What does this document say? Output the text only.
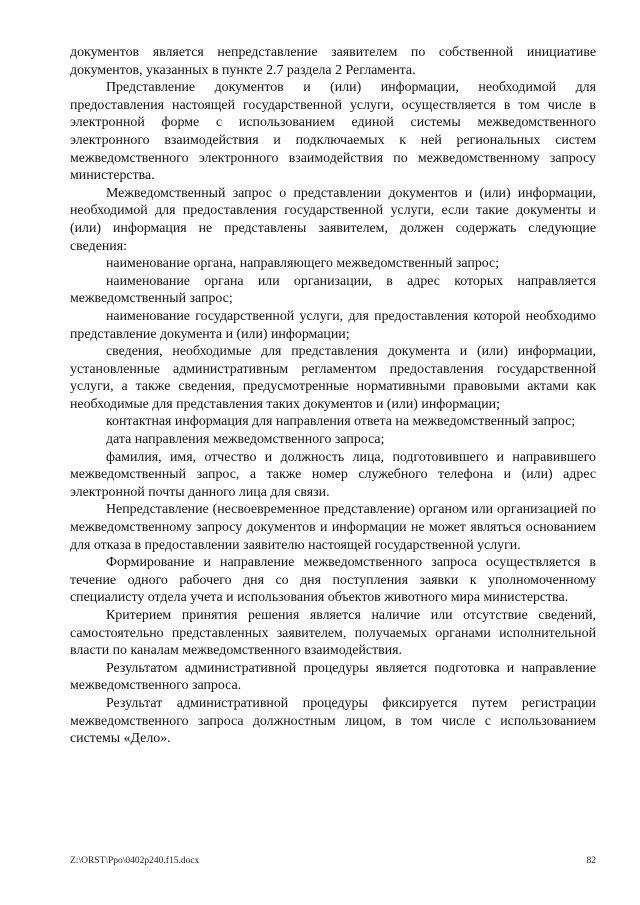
документов является непредставление заявителем по собственной инициативе документов, указанных в пункте 2.7 раздела 2 Регламента.

Представление документов и (или) информации, необходимой для предоставления настоящей государственной услуги, осуществляется в том числе в электронной форме с использованием единой системы межведомственного электронного взаимодействия и подключаемых к ней региональных систем межведомственного электронного взаимодействия по межведомственному запросу министерства.

Межведомственный запрос о представлении документов и (или) информации, необходимой для предоставления государственной услуги, если такие документы и (или) информация не представлены заявителем, должен содержать следующие сведения:

наименование органа, направляющего межведомственный запрос;

наименование органа или организации, в адрес которых направляется межведомственный запрос;

наименование государственной услуги, для предоставления которой необходимо представление документа и (или) информации;

сведения, необходимые для представления документа и (или) информации, установленные административным регламентом предоставления государственной услуги, а также сведения, предусмотренные нормативными правовыми актами как необходимые для представления таких документов и (или) информации;

контактная информация для направления ответа на межведомственный запрос;

дата направления межведомственного запроса;

фамилия, имя, отчество и должность лица, подготовившего и направившего межведомственный запрос, а также номер служебного телефона и (или) адрес электронной почты данного лица для связи.

Непредставление (несвоевременное представление) органом или организацией по межведомственному запросу документов и информации не может являться основанием для отказа в предоставлении заявителю настоящей государственной услуги.

Формирование и направление межведомственного запроса осуществляется в течение одного рабочего дня со дня поступления заявки к уполномоченному специалисту отдела учета и использования объектов животного мира министерства.

Критерием принятия решения является наличие или отсутствие сведений, самостоятельно представленных заявителем, получаемых органами исполнительной власти по каналам межведомственного взаимодействия.

Результатом административной процедуры является подготовка и направление межведомственного запроса.

Результат административной процедуры фиксируется путем регистрации межведомственного запроса должностным лицом, в том числе с использованием системы «Дело».

Z:\ORST\Ppo\0402p240.f15.docx	82
